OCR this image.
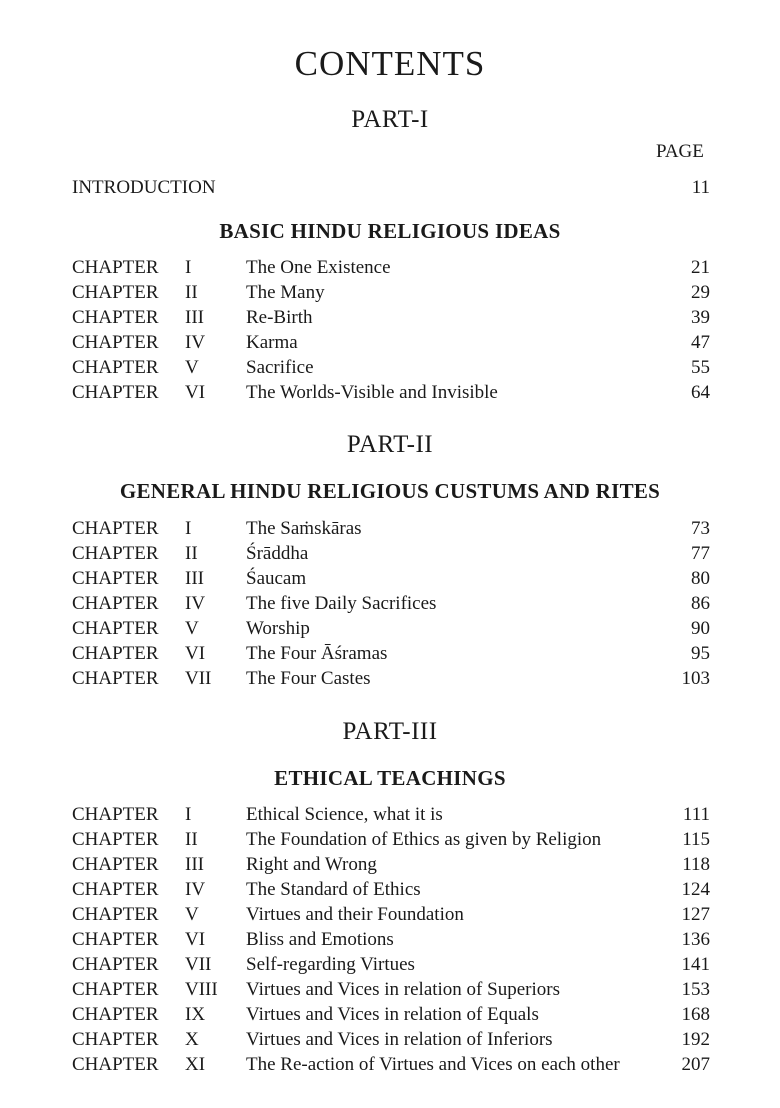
CONTENTS
PART-I
PAGE
INTRODUCTION	11
BASIC HINDU RELIGIOUS IDEAS
CHAPTER I	The One Existence	21
CHAPTER II	The Many	29
CHAPTER III Re-Birth	39
CHAPTER IV Karma	47
CHAPTER V Sacrifice	55
CHAPTER VI The Worlds-Visible and Invisible	64
PART-II
GENERAL HINDU RELIGIOUS CUSTUMS AND RITES
CHAPTER I	The Saṁskāras	73
CHAPTER II	Śrāddha	77
CHAPTER III Śaucam	80
CHAPTER IV The five Daily Sacrifices	86
CHAPTER V Worship	90
CHAPTER VI The Four Āśramas	95
CHAPTER VII The Four Castes	103
PART-III
ETHICAL TEACHINGS
CHAPTER I	Ethical Science, what it is	111
CHAPTER II	The Foundation of Ethics as given by Religion	115
CHAPTER III Right and Wrong	118
CHAPTER IV The Standard of Ethics	124
CHAPTER V Virtues and their Foundation	127
CHAPTER VI Bliss and Emotions	136
CHAPTER VII Self-regarding Virtues	141
CHAPTER VIII Virtues and Vices in relation of Superiors	153
CHAPTER IX Virtues and Vices in relation of Equals	168
CHAPTER X Virtues and Vices in relation of Inferiors	192
CHAPTER XI The Re-action of Virtues and Vices on each other	207
